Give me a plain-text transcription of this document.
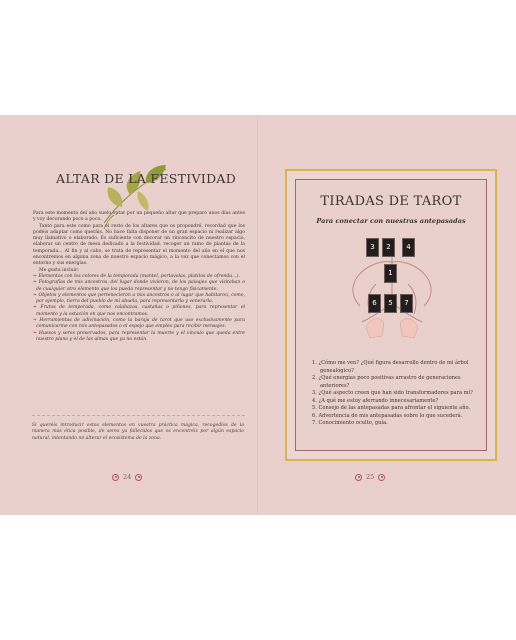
ALTAR DE LA FESTIVIDAD

Para este momento del año suelo optar por un pequeño altar que preparo unos días antes y voy decorando poco a poco.

Tanto para este como para el resto de los altares que os propondré, recordad que los podéis adaptar como queráis. No hace falta disponer de un gran espacio ni realizar algo muy llamativo o elaborado. Es suficiente con decorar un rinconcito de nuestro espacio, elaborar un centro de mesa dedicado a la festividad, recoger un ramo de plantas de la temporada... Al fin y al cabo, se trata de representar el momento del año en el que nos encontremos en alguna zona de nuestro espacio mágico, a la vez que conectamos con el entorno y sus energías.

Me gusta incluir:

❧ Elementos con los colores de la temporada (mantel, portavelas, platitos de ofrenda…).

❧ Fotografías de mis ancestros, del lugar donde vivieron, de los paisajes que visitaban o de cualquier otro elemento que los pueda representar y no tengo físicamente.

❧ Objetos y elementos que pertenecieron a mis ancestros o al lugar que habitaron, como, por ejemplo, tierra del pueblo de mi abuela, para representarla y venerarla.

❧ Frutos de temporada, como calabazas, castañas o piñones, para representar el momento y la estación en que nos encontramos.

❧ Herramientas de adivinación, como la baraja de tarot que uso exclusivamente para comunicarme con mis antepasados o el espejo que empleo para recibir mensajes.

❧ Huesos y seres preservados, para representar la muerte y el vínculo que queda entre nuestro plano y el de las almas que ya no están.

Si queréis introducir estos elementos en vuestra práctica mágica, recogedlos de la manera más ética posible, de seres ya fallecidos que os encontréis por algún espacio natural, intentando no alterar el ecosistema de la zona.
24
TIRADAS DE TAROT
Para conectar con nuestras antepasadas
3	2	4
1
6	5	7
1. ¿Cómo me ven? ¿Qué figura desarrollo dentro de mi árbol genealógico?
2. ¿Qué energías poco positivas arrastro de generaciones anteriores?
3. ¿Qué aspecto creen que han sido transformadores para mí?
4. ¿A qué me estoy aferrando innecesariamente?
5. Consejo de las antepasadas para afrontar el siguiente año.
6. Advertencia de mis antepasadas sobre lo que sucederá.
7. Conocimiento oculto, guía.
25
